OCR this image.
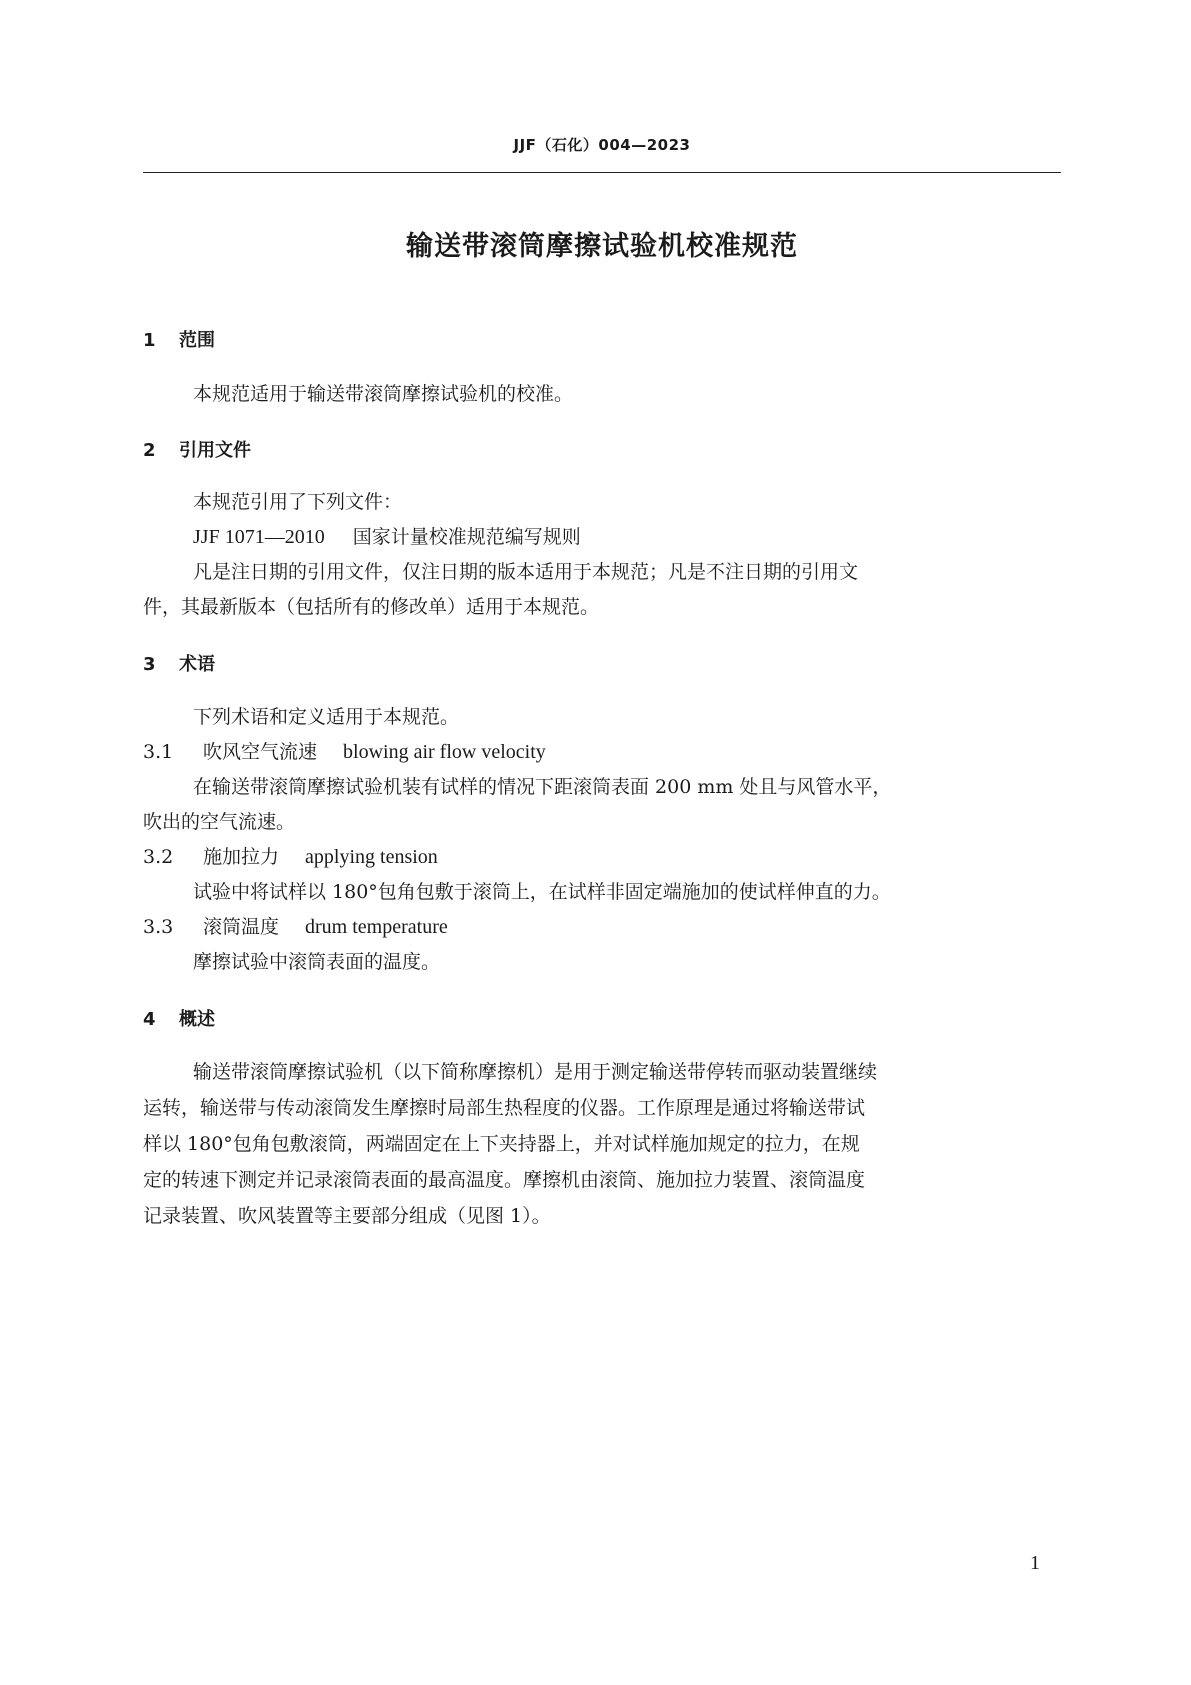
JJF（石化）004—2023
输送带滚筒摩擦试验机校准规范
1 范围
本规范适用于输送带滚筒摩擦试验机的校准。
2 引用文件
本规范引用了下列文件：
JJF 1071—2010 国家计量校准规范编写规则
凡是注日期的引用文件，仅注日期的版本适用于本规范；凡是不注日期的引用文
件，其最新版本（包括所有的修改单）适用于本规范。
3 术语
下列术语和定义适用于本规范。
3.1 吹风空气流速 blowing air flow velocity
在输送带滚筒摩擦试验机装有试样的情况下距滚筒表面 200 mm 处且与风管水平，
吹出的空气流速。
3.2 施加拉力 applying tension
试验中将试样以 180°包角包敷于滚筒上，在试样非固定端施加的使试样伸直的力。
3.3 滚筒温度 drum temperature
摩擦试验中滚筒表面的温度。
4 概述
输送带滚筒摩擦试验机（以下简称摩擦机）是用于测定输送带停转而驱动装置继续
运转，输送带与传动滚筒发生摩擦时局部生热程度的仪器。工作原理是通过将输送带试
样以 180°包角包敷滚筒，两端固定在上下夹持器上，并对试样施加规定的拉力，在规
定的转速下测定并记录滚筒表面的最高温度。摩擦机由滚筒、施加拉力装置、滚筒温度
记录装置、吹风装置等主要部分组成（见图 1）。
1
